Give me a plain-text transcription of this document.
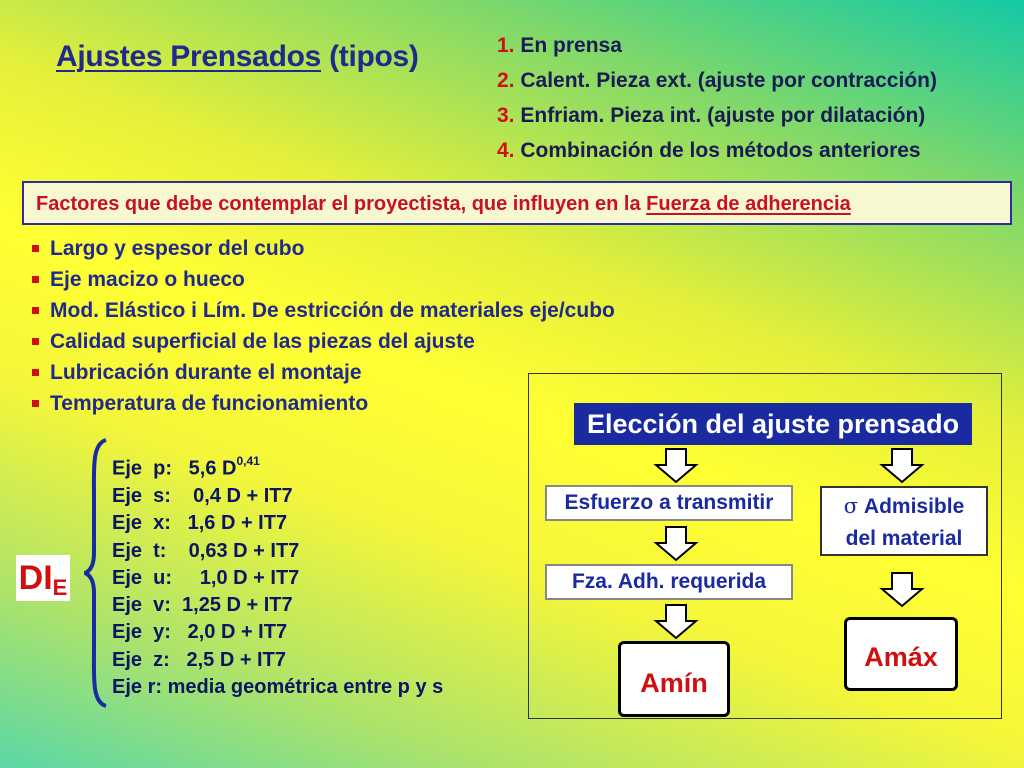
Ajustes Prensados (tipos)	1. En prensa
2. Calent. Pieza ext. (ajuste por contracción)
3. Enfriam. Pieza int. (ajuste por dilatación)
4. Combinación de los métodos anteriores
Factores que debe contemplar el proyectista, que influyen en la Fuerza de adherencia
Largo y espesor del cubo
Eje macizo o hueco
Mod. Elástico i Lím. De estricción de materiales eje/cubo
Calidad superficial de las piezas del ajuste
Lubricación durante el montaje
Temperatura de funcionamiento
$DI_E$
Eje  p:   5,6 D$^{0,41}$
Eje  s:    0,4 D + IT7
Eje  x:   1,6 D + IT7
Eje  t:    0,63 D + IT7
Eje  u:     1,0 D + IT7
Eje  v:  1,25 D + IT7
Eje  y:   2,0 D + IT7
Eje  z:   2,5 D + IT7
Eje r: media geométrica entre p y s
Elección del ajuste prensado
Esfuerzo a transmitir
Fza. Adh. requerida
σ Admisible
del material
Amín
Amáx
